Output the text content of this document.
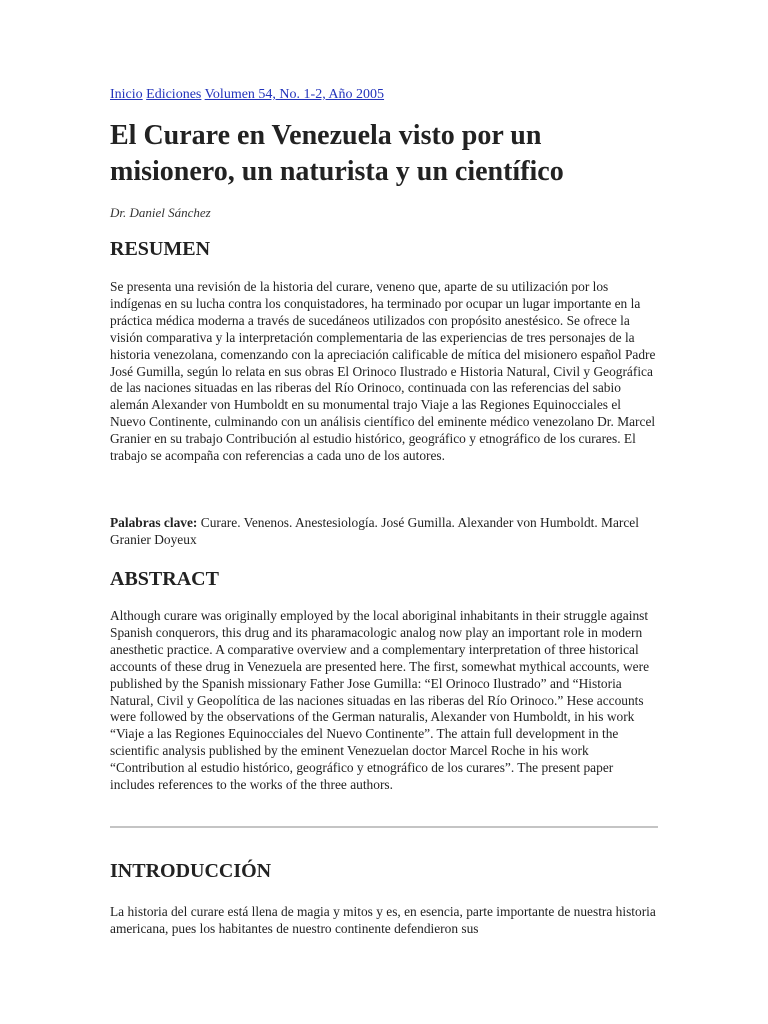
Inicio Ediciones Volumen 54, No. 1-2, Año 2005
El Curare en Venezuela visto por un misionero, un naturista y un científico

Dr. Daniel Sánchez

RESUMEN

Se presenta una revisión de la historia del curare, veneno que, aparte de su utilización por los indígenas en su lucha contra los conquistadores, ha terminado por ocupar un lugar importante en la práctica médica moderna a través de sucedáneos utilizados con propósito anestésico. Se ofrece la visión comparativa y la interpretación complementaria de las experiencias de tres personajes de la historia venezolana, comenzando con la apreciación calificable de mítica del misionero español Padre José Gumilla, según lo relata en sus obras El Orinoco Ilustrado e Historia Natural, Civil y Geográfica de las naciones situadas en las riberas del Río Orinoco, continuada con las referencias del sabio alemán Alexander von Humboldt en su monumental trajo Viaje a las Regiones Equinocciales el Nuevo Continente, culminando con un análisis científico del eminente médico venezolano Dr. Marcel Granier en su trabajo Contribución al estudio histórico, geográfico y etnográfico de los curares. El trabajo se acompaña con referencias a cada uno de los autores.

Palabras clave: Curare. Venenos. Anestesiología. José Gumilla. Alexander von Humboldt. Marcel Granier Doyeux

ABSTRACT

Although curare was originally employed by the local aboriginal inhabitants in their struggle against Spanish conquerors, this drug and its pharamacologic analog now play an important role in modern anesthetic practice. A comparative overview and a complementary interpretation of three historical accounts of these drug in Venezuela are presented here. The first, somewhat mythical accounts, were published by the Spanish missionary Father Jose Gumilla: “El Orinoco Ilustrado” and “Historia Natural, Civil y Geopolítica de las naciones situadas en las riberas del Río Orinoco.” Hese accounts were followed by the observations of the German naturalis, Alexander von Humboldt, in his work “Viaje a las Regiones Equinocciales del Nuevo Continente”. The attain full development in the scientific analysis published by the eminent Venezuelan doctor Marcel Roche in his work “Contribution al estudio histórico, geográfico y etnográfico de los curares”. The present paper includes references to the works of the three authors.

INTRODUCCIÓN

La historia del curare está llena de magia y mitos y es, en esencia, parte importante de nuestra historia americana, pues los habitantes de nuestro continente defendieron sus
